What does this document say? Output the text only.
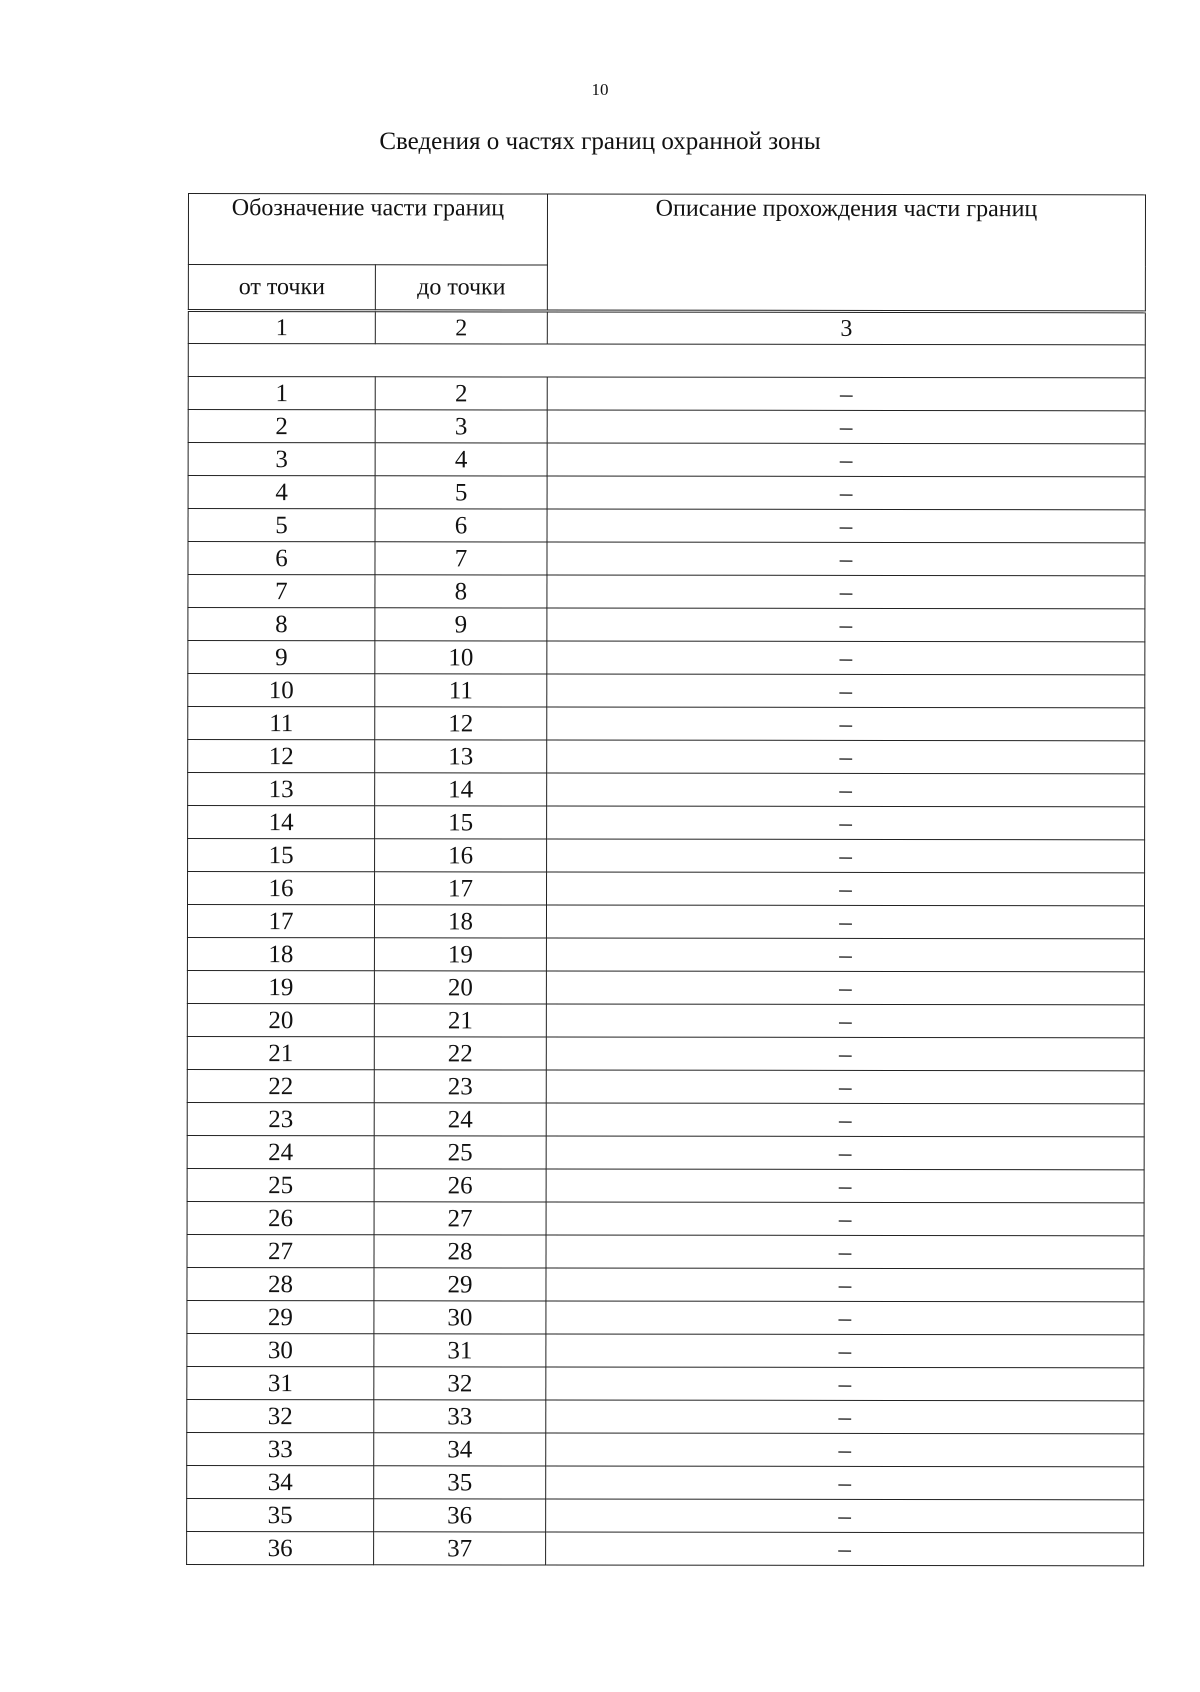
10
Сведения о частях границ охранной зоны
Обозначение части границ		Описание прохождения части границ
от точки	до точки	

1	2	3

1	2	–
2	3	–
3	4	–
4	5	–
5	6	–
6	7	–
7	8	–
8	9	–
9	10	–
10	11	–
11	12	–
12	13	–
13	14	–
14	15	–
15	16	–
16	17	–
17	18	–
18	19	–
19	20	–
20	21	–
21	22	–
22	23	–
23	24	–
24	25	–
25	26	–
26	27	–
27	28	–
28	29	–
29	30	–
30	31	–
31	32	–
32	33	–
33	34	–
34	35	–
35	36	–
36	37	–
